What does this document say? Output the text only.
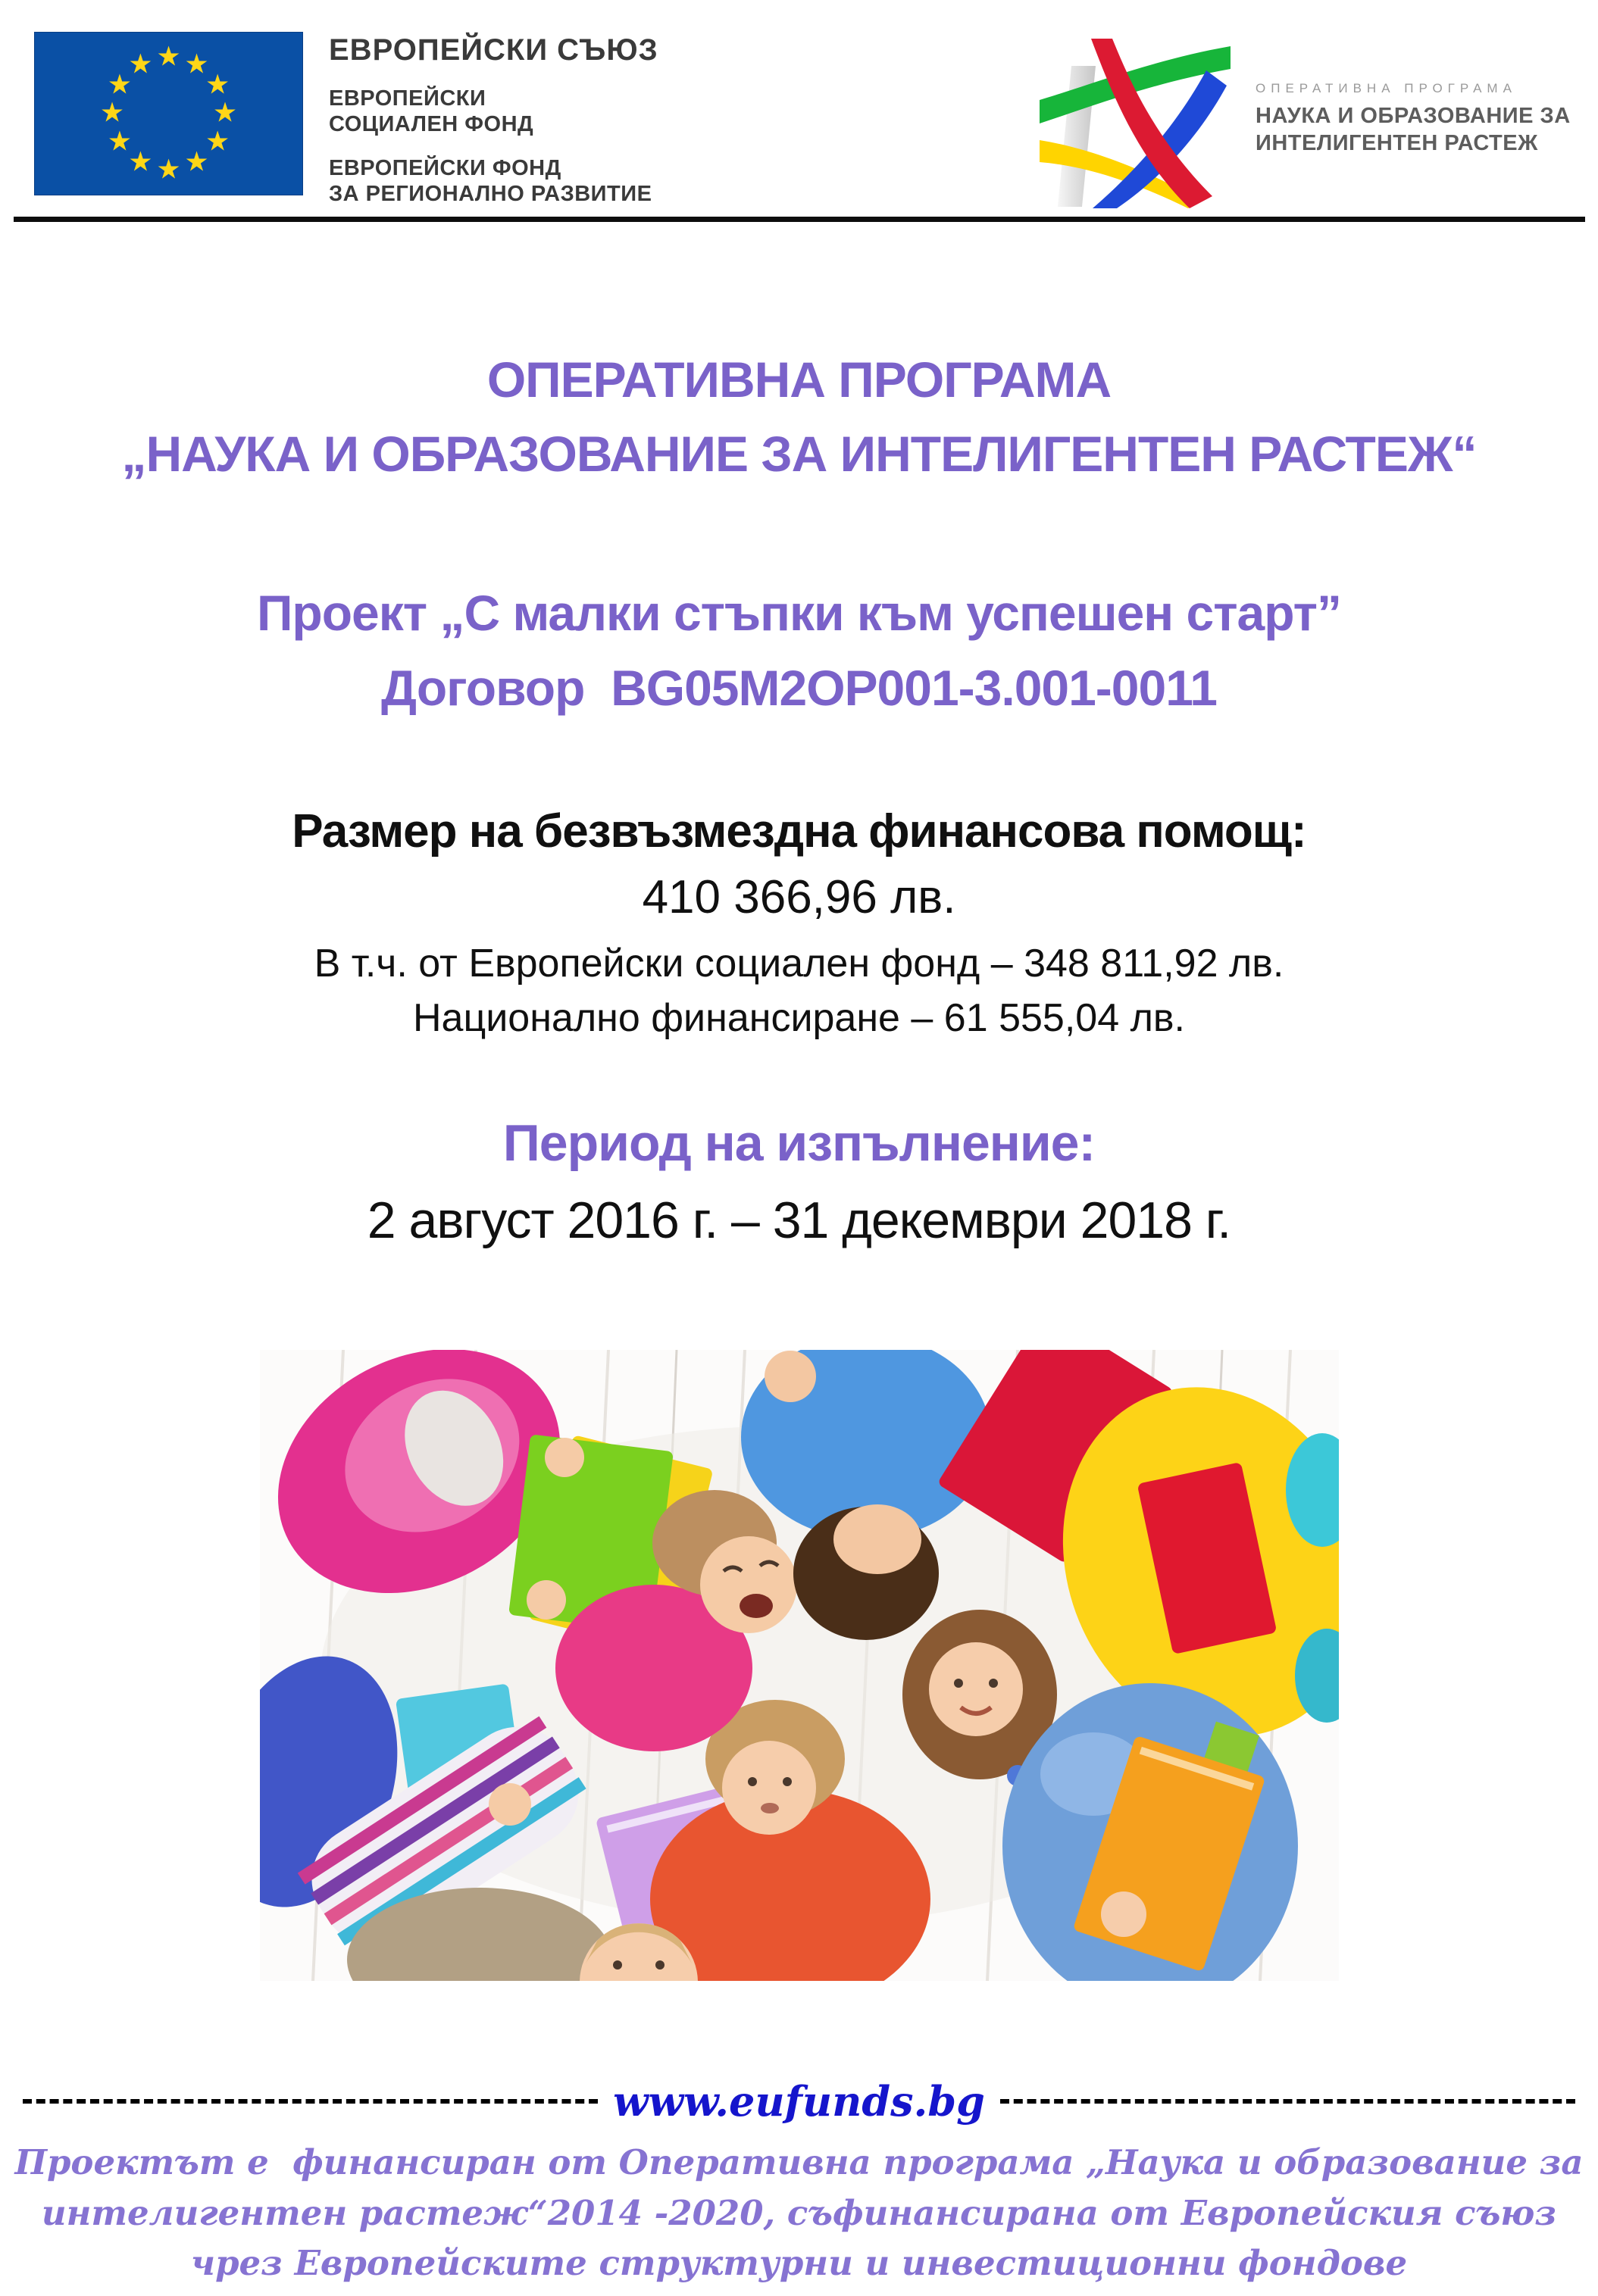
★ ★
★
★
★
★
★
★
★
★
★
★	ЕВРОПЕЙСКИ СЪЮЗ
ЕВРОПЕЙСКИ
СОЦИАЛЕН ФОНД
ЕВРОПЕЙСКИ ФОНД
ЗА РЕГИОНАЛНО РАЗВИТИЕ
ОПЕРАТИВНА ПРОГРАМА
НАУКА И ОБРАЗОВАНИЕ ЗА
ИНТЕЛИГЕНТЕН РАСТЕЖ
ОПЕРАТИВНА ПРОГРАМА
„НАУКА И ОБРАЗОВАНИЕ ЗА ИНТЕЛИГЕНТЕН РАСТЕЖ“
Проект „С малки стъпки към успешен старт”
Договор  BG05M2OP001-3.001-0011
Размер на безвъзмездна финансова помощ:
410 366,96 лв.
В т.ч. от Европейски социален фонд – 348 811,92 лв.
Национално финансиране – 61 555,04 лв.
Период на изпълнение:
2 август 2016 г. – 31 декември 2018 г.
www.eufunds.bg
Проектът е  финансиран от Оперативна програма „Наука и образование за
интелигентен растеж“2014 -2020, съфинансирана от Европейския съюз
чрез Европейските структурни и инвестиционни фондове
